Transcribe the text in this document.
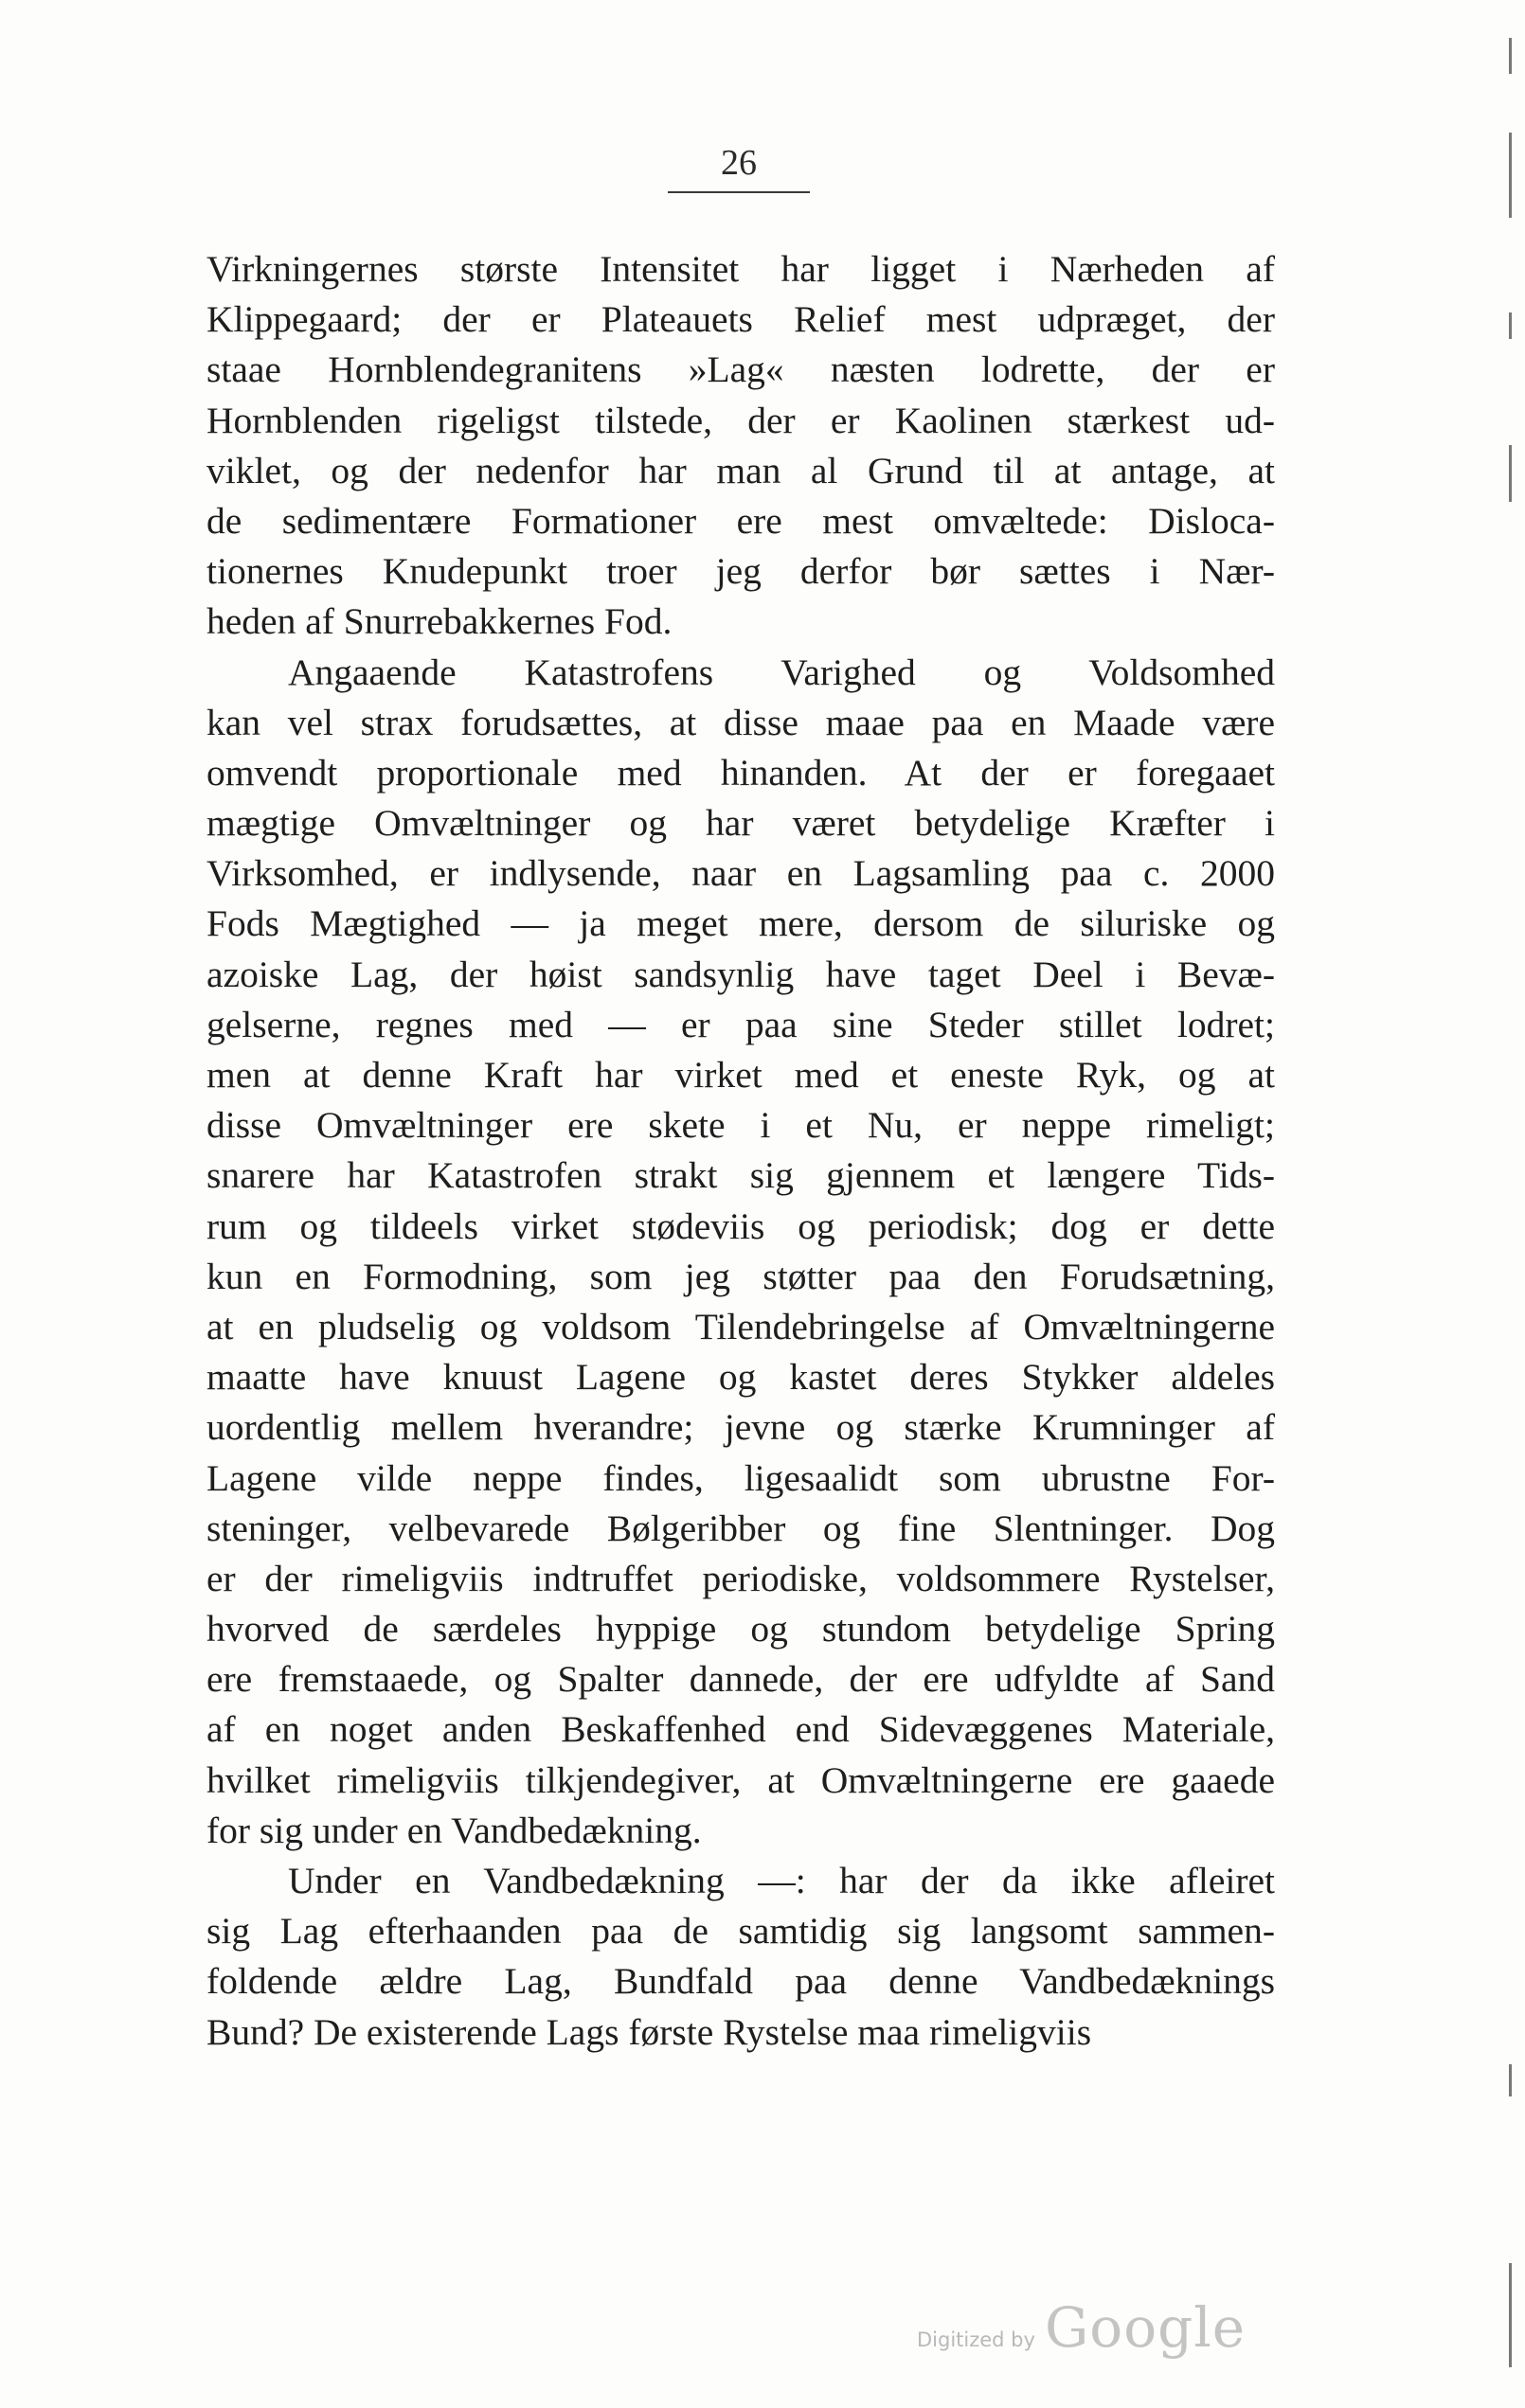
26
Virkningernes største Intensitet har ligget i Nærheden af
Klippegaard; der er Plateauets Relief mest udpræget, der
staae Hornblendegranitens »Lag« næsten lodrette, der er
Hornblenden rigeligst tilstede, der er Kaolinen stærkest ud-
viklet, og der nedenfor har man al Grund til at antage, at
de sedimentære Formationer ere mest omvæltede: Disloca-
tionernes Knudepunkt troer jeg derfor bør sættes i Nær-
heden af Snurrebakkernes Fod.
Angaaende Katastrofens Varighed og Voldsomhed
kan vel strax forudsættes, at disse maae paa en Maade være
omvendt proportionale med hinanden. At der er foregaaet
mægtige Omvæltninger og har været betydelige Kræfter i
Virksomhed, er indlysende, naar en Lagsamling paa c. 2000
Fods Mægtighed — ja meget mere, dersom de siluriske og
azoiske Lag, der høist sandsynlig have taget Deel i Bevæ-
gelserne, regnes med — er paa sine Steder stillet lodret;
men at denne Kraft har virket med et eneste Ryk, og at
disse Omvæltninger ere skete i et Nu, er neppe rimeligt;
snarere har Katastrofen strakt sig gjennem et længere Tids-
rum og tildeels virket stødeviis og periodisk; dog er dette
kun en Formodning, som jeg støtter paa den Forudsætning,
at en pludselig og voldsom Tilendebringelse af Omvæltningerne
maatte have knuust Lagene og kastet deres Stykker aldeles
uordentlig mellem hverandre; jevne og stærke Krumninger af
Lagene vilde neppe findes, ligesaalidt som ubrustne For-
steninger, velbevarede Bølgeribber og fine Slentninger. Dog
er der rimeligviis indtruffet periodiske, voldsommere Rystelser,
hvorved de særdeles hyppige og stundom betydelige Spring
ere fremstaaede, og Spalter dannede, der ere udfyldte af Sand
af en noget anden Beskaffenhed end Sidevæggenes Materiale,
hvilket rimeligviis tilkjendegiver, at Omvæltningerne ere gaaede
for sig under en Vandbedækning.
Under en Vandbedækning —: har der da ikke afleiret
sig Lag efterhaanden paa de samtidig sig langsomt sammen-
foldende ældre Lag, Bundfald paa denne Vandbedæknings
Bund? De existerende Lags første Rystelse maa rimeligviis
Digitized by Google
